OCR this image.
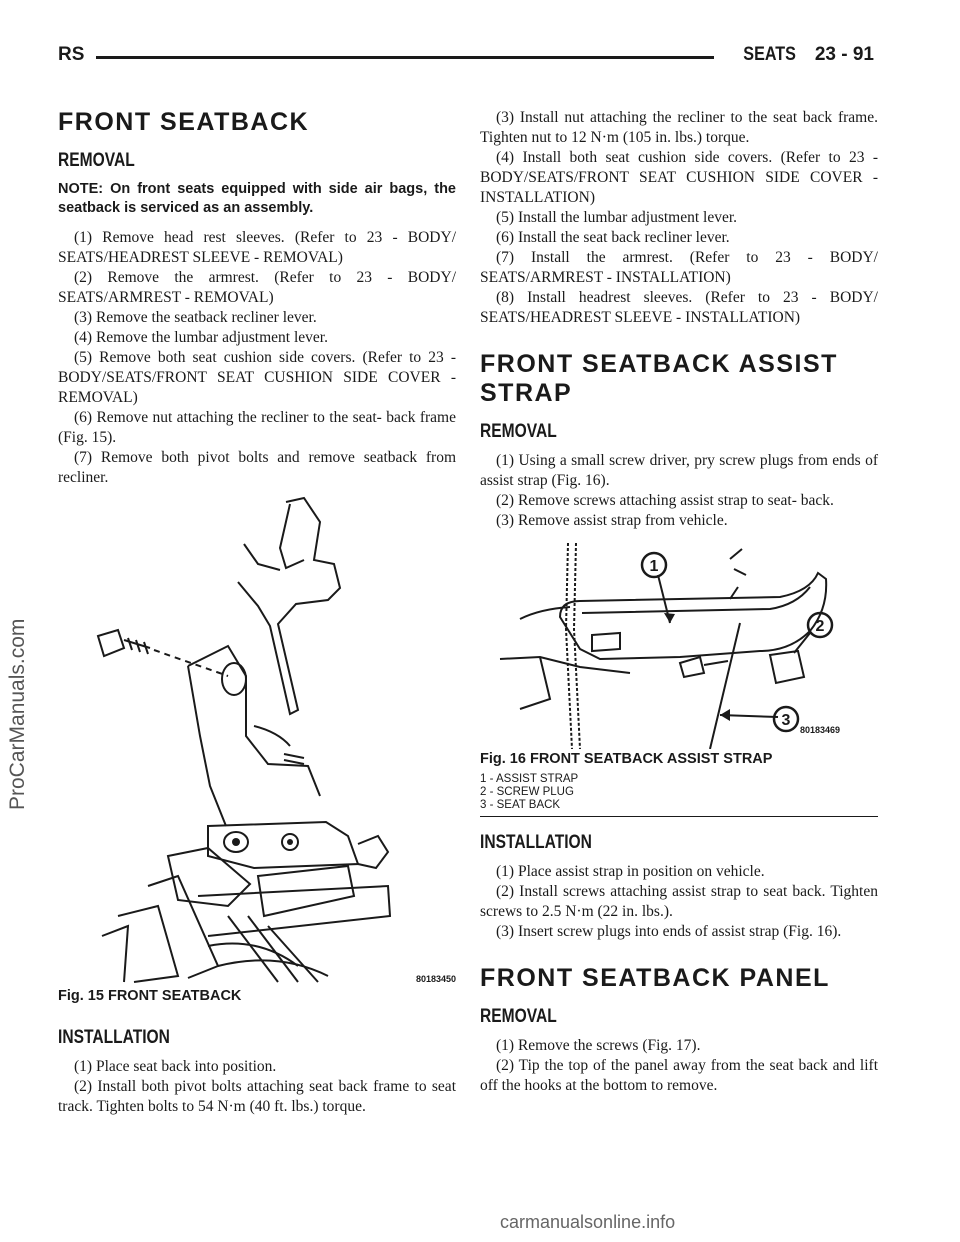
RS	SEATS 23 - 91
ProCarManuals.com
FRONT SEATBACK
REMOVAL

NOTE: On front seats equipped with side air bags, the seatback is serviced as an assembly.

(1) Remove head rest sleeves. (Refer to 23 - BODY/ SEATS/HEADREST SLEEVE - REMOVAL)

(2) Remove the armrest. (Refer to 23 - BODY/ SEATS/ARMREST - REMOVAL)

(3) Remove the seatback recliner lever.

(4) Remove the lumbar adjustment lever.

(5) Remove both seat cushion side covers. (Refer to 23 - BODY/SEATS/FRONT SEAT CUSHION SIDE COVER - REMOVAL)

(6) Remove nut attaching the recliner to the seat- back frame (Fig. 15).

(7) Remove both pivot bolts and remove seatback from recliner.

80183450
Fig. 15 FRONT SEATBACK
INSTALLATION

(1) Place seat back into position.

(2) Install both pivot bolts attaching seat back frame to seat track. Tighten bolts to 54 N·m (40 ft. lbs.) torque.

(3) Install nut attaching the recliner to the seat back frame. Tighten nut to 12 N·m (105 in. lbs.) torque.

(4) Install both seat cushion side covers. (Refer to 23 - BODY/SEATS/FRONT SEAT CUSHION SIDE COVER - INSTALLATION)

(5) Install the lumbar adjustment lever.

(6) Install the seat back recliner lever.

(7) Install the armrest. (Refer to 23 - BODY/ SEATS/ARMREST - INSTALLATION)

(8) Install headrest sleeves. (Refer to 23 - BODY/ SEATS/HEADREST SLEEVE - INSTALLATION)

FRONT SEATBACK ASSIST STRAP
REMOVAL

(1) Using a small screw driver, pry screw plugs from ends of assist strap (Fig. 16).

(2) Remove screws attaching assist strap to seat- back.

(3) Remove assist strap from vehicle.

1
2
3
80183469
Fig. 16 FRONT SEATBACK ASSIST STRAP
1 - ASSIST STRAP
2 - SCREW PLUG
3 - SEAT BACK
INSTALLATION

(1) Place assist strap in position on vehicle.

(2) Install screws attaching assist strap to seat back. Tighten screws to 2.5 N·m (22 in. lbs.).

(3) Insert screw plugs into ends of assist strap (Fig. 16).

FRONT SEATBACK PANEL
REMOVAL

(1) Remove the screws (Fig. 17).

(2) Tip the top of the panel away from the seat back and lift off the hooks at the bottom to remove.

carmanualsonline.info
